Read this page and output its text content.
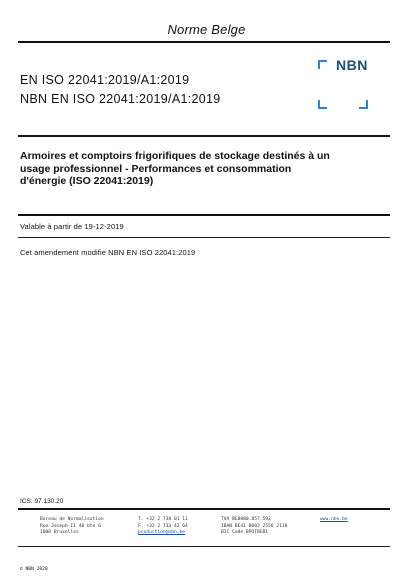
Norme Belge
EN ISO 22041:2019/A1:2019
NBN EN ISO 22041:2019/A1:2019
NBN
Armoires et comptoirs frigorifiques de stockage destinés à un
usage professionnel - Performances et consommation
d'énergie (ISO 22041:2019)
Valable à partir de 19-12-2019
Cet amendement modifie NBN EN ISO 22041:2019
ICS: 97.130.20
Bureau de Normalisation
Rue Joseph-II 40 bte 6
1000 Bruxelles
T. +32 2 738 01 11
F. +32 2 733 42 64
production@nbn.be
TVA BE0880.857.592
IBAN BE41 0003 2556 2110
BIC Code BPOTBEB1
www.nbn.be
© NBN 2020
